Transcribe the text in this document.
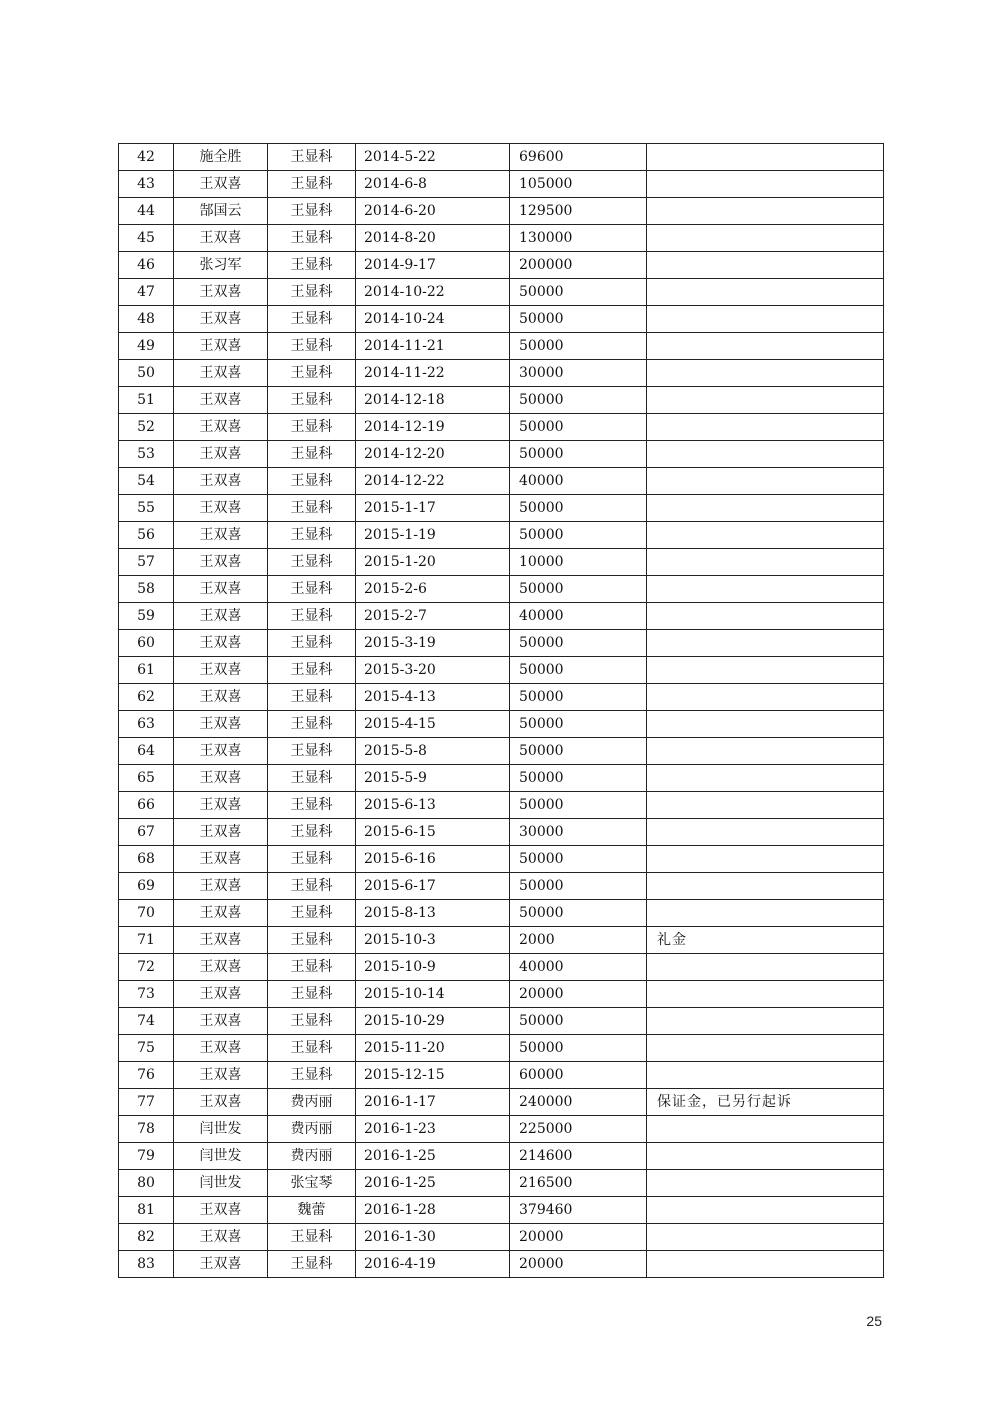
42	施全胜	王显科	2014-5-22	69600	
43	王双喜	王显科	2014-6-8	105000	
44	郜国云	王显科	2014-6-20	129500	
45	王双喜	王显科	2014-8-20	130000	
46	张习军	王显科	2014-9-17	200000	
47	王双喜	王显科	2014-10-22	50000	
48	王双喜	王显科	2014-10-24	50000	
49	王双喜	王显科	2014-11-21	50000	
50	王双喜	王显科	2014-11-22	30000	
51	王双喜	王显科	2014-12-18	50000	
52	王双喜	王显科	2014-12-19	50000	
53	王双喜	王显科	2014-12-20	50000	
54	王双喜	王显科	2014-12-22	40000	
55	王双喜	王显科	2015-1-17	50000	
56	王双喜	王显科	2015-1-19	50000	
57	王双喜	王显科	2015-1-20	10000	
58	王双喜	王显科	2015-2-6	50000	
59	王双喜	王显科	2015-2-7	40000	
60	王双喜	王显科	2015-3-19	50000	
61	王双喜	王显科	2015-3-20	50000	
62	王双喜	王显科	2015-4-13	50000	
63	王双喜	王显科	2015-4-15	50000	
64	王双喜	王显科	2015-5-8	50000	
65	王双喜	王显科	2015-5-9	50000	
66	王双喜	王显科	2015-6-13	50000	
67	王双喜	王显科	2015-6-15	30000	
68	王双喜	王显科	2015-6-16	50000	
69	王双喜	王显科	2015-6-17	50000	
70	王双喜	王显科	2015-8-13	50000	
71	王双喜	王显科	2015-10-3	2000	礼金
72	王双喜	王显科	2015-10-9	40000	
73	王双喜	王显科	2015-10-14	20000	
74	王双喜	王显科	2015-10-29	50000	
75	王双喜	王显科	2015-11-20	50000	
76	王双喜	王显科	2015-12-15	60000	
77	王双喜	费丙丽	2016-1-17	240000	保证金，已另行起诉
78	闫世发	费丙丽	2016-1-23	225000	
79	闫世发	费丙丽	2016-1-25	214600	
80	闫世发	张宝琴	2016-1-25	216500	
81	王双喜	魏蕾	2016-1-28	379460	
82	王双喜	王显科	2016-1-30	20000	
83	王双喜	王显科	2016-4-19	20000	
25
